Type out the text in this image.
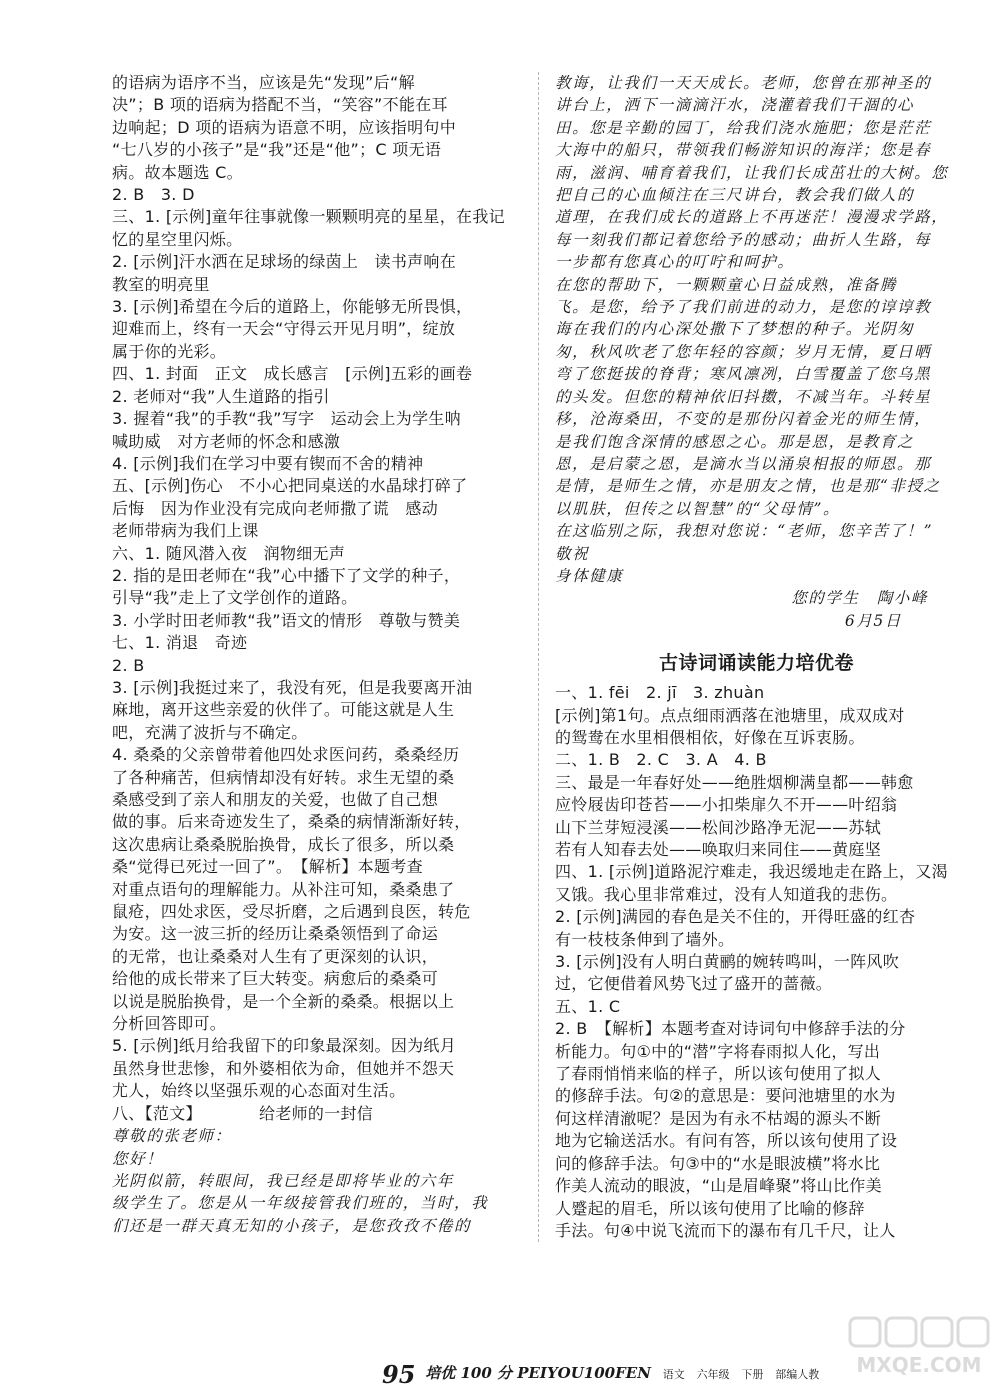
的语病为语序不当，应该是先“发现”后“解
决”；B 项的语病为搭配不当，“笑容”不能在耳
边响起；D 项的语病为语意不明，应该指明句中
“七八岁的小孩子”是“我”还是“他”；C 项无语
病。故本题选 C。
2. B　3. D
三、1. [示例]童年往事就像一颗颗明亮的星星，在我记
忆的星空里闪烁。
2. [示例]汗水洒在足球场的绿茵上　读书声响在
教室的明亮里
3. [示例]希望在今后的道路上，你能够无所畏惧，
迎难而上，终有一天会“守得云开见月明”，绽放
属于你的光彩。
四、1. 封面　正文　成长感言　[示例]五彩的画卷
2. 老师对“我”人生道路的指引
3. 握着“我”的手教“我”写字　运动会上为学生呐
喊助威　对方老师的怀念和感激
4. [示例]我们在学习中要有锲而不舍的精神
五、[示例]伤心　不小心把同桌送的水晶球打碎了
后悔　因为作业没有完成向老师撒了谎　感动
老师带病为我们上课
六、1. 随风潜入夜　润物细无声
2. 指的是田老师在“我”心中播下了文学的种子，
引导“我”走上了文学创作的道路。
3. 小学时田老师教“我”语文的情形　尊敬与赞美
七、1. 消退　奇迹
2. B
3. [示例]我挺过来了，我没有死，但是我要离开油
麻地，离开这些亲爱的伙伴了。可能这就是人生
吧，充满了波折与不确定。
4. 桑桑的父亲曾带着他四处求医问药，桑桑经历
了各种痛苦，但病情却没有好转。求生无望的桑
桑感受到了亲人和朋友的关爱，也做了自己想
做的事。后来奇迹发生了，桑桑的病情渐渐好转，
这次患病让桑桑脱胎换骨，成长了很多，所以桑
桑“觉得已死过一回了”。　【解析】本题考查
对重点语句的理解能力。从补注可知，桑桑患了
鼠疮，四处求医，受尽折磨，之后遇到良医，转危
为安。这一波三折的经历让桑桑领悟到了命运
的无常，也让桑桑对人生有了更深刻的认识，
给他的成长带来了巨大转变。病愈后的桑桑可
以说是脱胎换骨，是一个全新的桑桑。根据以上
分析回答即可。
5. [示例]纸月给我留下的印象最深刻。因为纸月
虽然身世悲惨，和外婆相依为命，但她并不怨天
尤人，始终以坚强乐观的心态面对生活。
八、【范文】　　　　给老师的一封信
尊敬的张老师：
您好！
光阴似箭，转眼间，我已经是即将毕业的六年
级学生了。您是从一年级接管我们班的，当时，我
们还是一群天真无知的小孩子，是您孜孜不倦的
教诲，让我们一天天成长。老师，您曾在那神圣的
讲台上，洒下一滴滴汗水，浇灌着我们干涸的心
田。您是辛勤的园丁，给我们浇水施肥；您是茫茫
大海中的船只，带领我们畅游知识的海洋；您是春
雨，滋润、哺育着我们，让我们长成茁壮的大树。您
把自己的心血倾注在三尺讲台，教会我们做人的
道理，在我们成长的道路上不再迷茫！漫漫求学路，
每一刻我们都记着您给予的感动；曲折人生路，每
一步都有您真心的叮咛和呵护。
在您的帮助下，一颗颗童心日益成熟，准备腾
飞。是您，给予了我们前进的动力，是您的谆谆教
诲在我们的内心深处撒下了梦想的种子。光阴匆
匆，秋风吹老了您年轻的容颜；岁月无情，夏日晒
弯了您挺拔的脊背；寒风凛冽，白雪覆盖了您乌黑
的头发。但您的精神依旧抖擞，不减当年。斗转星
移，沧海桑田，不变的是那份闪着金光的师生情，
是我们饱含深情的感恩之心。那是恩，是教育之
恩，是启蒙之恩，是滴水当以涌泉相报的师恩。那
是情，是师生之情，亦是朋友之情，也是那“非授之
以肌肤，但传之以智慧”的“父母情”。
在这临别之际，我想对您说：“老师，您辛苦了！”
敬祝
身体健康
您的学生　陶小峰
6月5日
古诗词诵读能力培优卷
一、1. fēi　2. jī　3. zhuàn
[示例]第1句。点点细雨洒落在池塘里，成双成对
的鸳鸯在水里相偎相依，好像在互诉衷肠。
二、1. B　2. C　3. A　4. B
三、最是一年春好处——绝胜烟柳满皇都——韩愈
应怜屐齿印苍苔——小扣柴扉久不开——叶绍翁
山下兰芽短浸溪——松间沙路净无泥——苏轼
若有人知春去处——唤取归来同住——黄庭坚
四、1. [示例]道路泥泞难走，我迟缓地走在路上，又渴
又饿。我心里非常难过，没有人知道我的悲伤。
2. [示例]满园的春色是关不住的，开得旺盛的红杏
有一枝枝条伸到了墙外。
3. [示例]没有人明白黄鹂的婉转鸣叫，一阵风吹
过，它便借着风势飞过了盛开的蔷薇。
五、1. C
2. B　【解析】本题考查对诗词句中修辞手法的分
析能力。句①中的“潜”字将春雨拟人化，写出
了春雨悄悄来临的样子，所以该句使用了拟人
的修辞手法。句②的意思是：要问池塘里的水为
何这样清澈呢？是因为有永不枯竭的源头不断
地为它输送活水。有问有答，所以该句使用了设
问的修辞手法。句③中的“水是眼波横”将水比
作美人流动的眼波，“山是眉峰聚”将山比作美
人蹙起的眉毛，所以该句使用了比喻的修辞
手法。句④中说飞流而下的瀑布有几千尺，让人
95 培优 100 分 PEIYOU100FEN 语文 六年级 下册 部编人教	MXQE.COM
